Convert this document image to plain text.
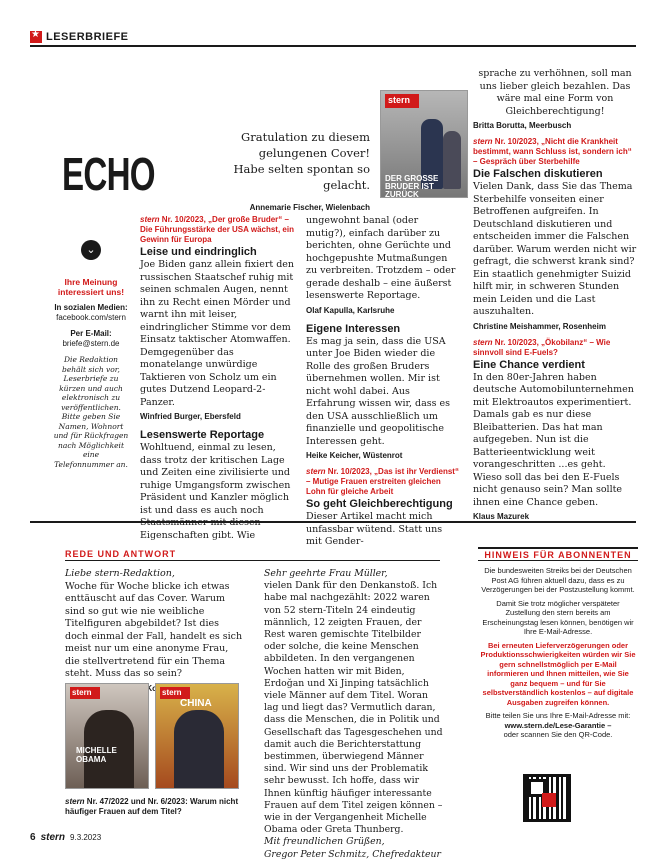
★
LESERBRIEFE
ECHO
Gratulation zu diesem gelungenen Cover! Habe selten spontan so gelacht.
Annemarie Fischer, Wielenbach
stern
DER GROSSE BRUDER IST ZURÜCK
⌄
Ihre Meinung interessiert uns!
In sozialen Medien:
facebook.com/stern
Per E-Mail:
briefe@stern.de
Die Redaktion behält sich vor, Leserbriefe zu kürzen und auch elektronisch zu veröffentlichen. Bitte geben Sie Namen, Wohnort und für Rückfragen nach Möglichkeit eine Telefonnummer an.
stern Nr. 10/2023, „Der große Bruder“ – Die Führungsstärke der USA wächst, ein Gewinn für Europa
Leise und eindringlich
Joe Biden ganz allein fixiert den russischen Staatschef ruhig mit seinen schmalen Augen, nennt ihn zu Recht einen Mörder und warnt ihn mit leiser, eindringlicher Stimme vor dem Einsatz taktischer Atomwaffen. Demgegenüber das monatelange unwürdige Taktieren von Scholz um ein gutes Dutzend Leopard-2-Panzer.
Winfried Burger, Ebersfeld
Lesenswerte Reportage
Wohltuend, einmal zu lesen, dass trotz der kritischen Lage und Zeiten eine zivilisierte und ruhige Umgangsform zwischen Präsident und Kanzler möglich ist und dass es auch noch Staatsmänner mit diesen Eigenschaften gibt. Wie
ungewohnt banal (oder mutig?), einfach darüber zu berichten, ohne Gerüchte und hochgepushte Mutmaßungen zu verbreiten. Trotzdem – oder gerade deshalb – eine äußerst lesenswerte Reportage.
Olaf Kapulla, Karlsruhe
Eigene Interessen
Es mag ja sein, dass die USA unter Joe Biden wieder die Rolle des großen Bruders übernehmen wollen. Mir ist nicht wohl dabei. Aus Erfahrung wissen wir, dass es den USA ausschließlich um finanzielle und geopolitische Interessen geht.
Heike Keicher, Wüstenrot
stern Nr. 10/2023, „Das ist ihr Verdienst“ – Mutige Frauen erstreiten gleichen Lohn für gleiche Arbeit
So geht Gleichberechtigung
Dieser Artikel macht mich unfassbar wütend. Statt uns mit Gender-
sprache zu verhöhnen, soll man uns lieber gleich bezahlen. Das wäre mal eine Form von Gleichberechtigung!
Britta Borutta, Meerbusch
stern Nr. 10/2023, „Nicht die Krankheit bestimmt, wann Schluss ist, sondern ich“ – Gespräch über Sterbehilfe
Die Falschen diskutieren
Vielen Dank, dass Sie das Thema Sterbehilfe vonseiten einer Betroffenen aufgreifen. In Deutschland diskutieren und entscheiden immer die Falschen darüber. Warum werden nicht wir gefragt, die schwerst krank sind? Ein staatlich genehmigter Suizid hilft mir, in schweren Stunden mein Leiden und die Last auszuhalten.
Christine Meishammer, Rosenheim
stern Nr. 10/2023, „Ökobilanz“ – Wie sinnvoll sind E-Fuels?
Eine Chance verdient
In den 80er-Jahren haben deutsche Automobilunternehmen mit Elektroautos experimentiert. Damals gab es nur diese Bleibatterien. Das hat man aufgegeben. Nun ist die Batterieentwicklung weit vorangeschritten ...es geht. Wieso soll das bei den E-Fuels nicht genauso sein? Man sollte ihnen eine Chance geben.
Klaus Mazurek
REDE UND ANTWORT
Liebe stern-Redaktion,
Woche für Woche blicke ich etwas enttäuscht auf das Cover. Warum sind so gut wie nie weibliche Titelfiguren abgebildet? Ist dies doch einmal der Fall, handelt es sich meist nur um eine anonyme Frau, die stellvertretend für ein Thema steht. Muss das so sein?
stern
MICHELLE OBAMA
stern
CHINA
stern Nr. 47/2022 und Nr. 6/2023: Warum nicht häufiger Frauen auf dem Titel?
Sehr geehrte Frau Müller,
vielen Dank für den Denkanstoß. Ich habe mal nachgezählt: 2022 waren von 52 stern-Titeln 24 eindeutig männlich, 12 zeigten Frauen, der Rest waren gemischte Titelbilder oder solche, die keine Menschen abbildeten. In den vergangenen Wochen hatten wir mit Biden, Erdoğan und Xi Jinping tatsächlich viele Männer auf dem Titel. Woran lag und liegt das? Vermutlich daran, dass die Menschen, die in Politik und Gesellschaft das Tagesgeschehen und damit auch die Berichterstattung bestimmen, überwiegend Männer sind. Wir sind uns der Problematik sehr bewusst. Ich hoffe, dass wir Ihnen künftig häufiger interessante Frauen auf dem Titel zeigen können – wie in der Vergangenheit Michelle Obama oder Greta Thunberg.
Mit freundlichen Grüßen,
Gregor Peter Schmitz, Chefredakteur
HINWEIS FÜR ABONNENTEN

Die bundesweiten Streiks bei der Deutschen Post AG führen aktuell dazu, dass es zu Verzögerungen bei der Postzustellung kommt.

Damit Sie trotz möglicher verspäteter Zustellung den stern bereits am Erscheinungstag lesen können, benötigen wir Ihre E-Mail-Adresse.

Bei erneuten Lieferverzögerungen oder Produktionsschwierigkeiten würden wir Sie gern schnellstmöglich per E-Mail informieren und Ihnen mitteilen, wie Sie ganz bequem – und für Sie selbstverständlich kostenlos – auf digitale Ausgaben zugreifen können.

Bitte teilen Sie uns Ihre E-Mail-Adresse mit:
www.stern.de/Lese-Garantie –
oder scannen Sie den QR-Code.
6 stern 9.3.2023
